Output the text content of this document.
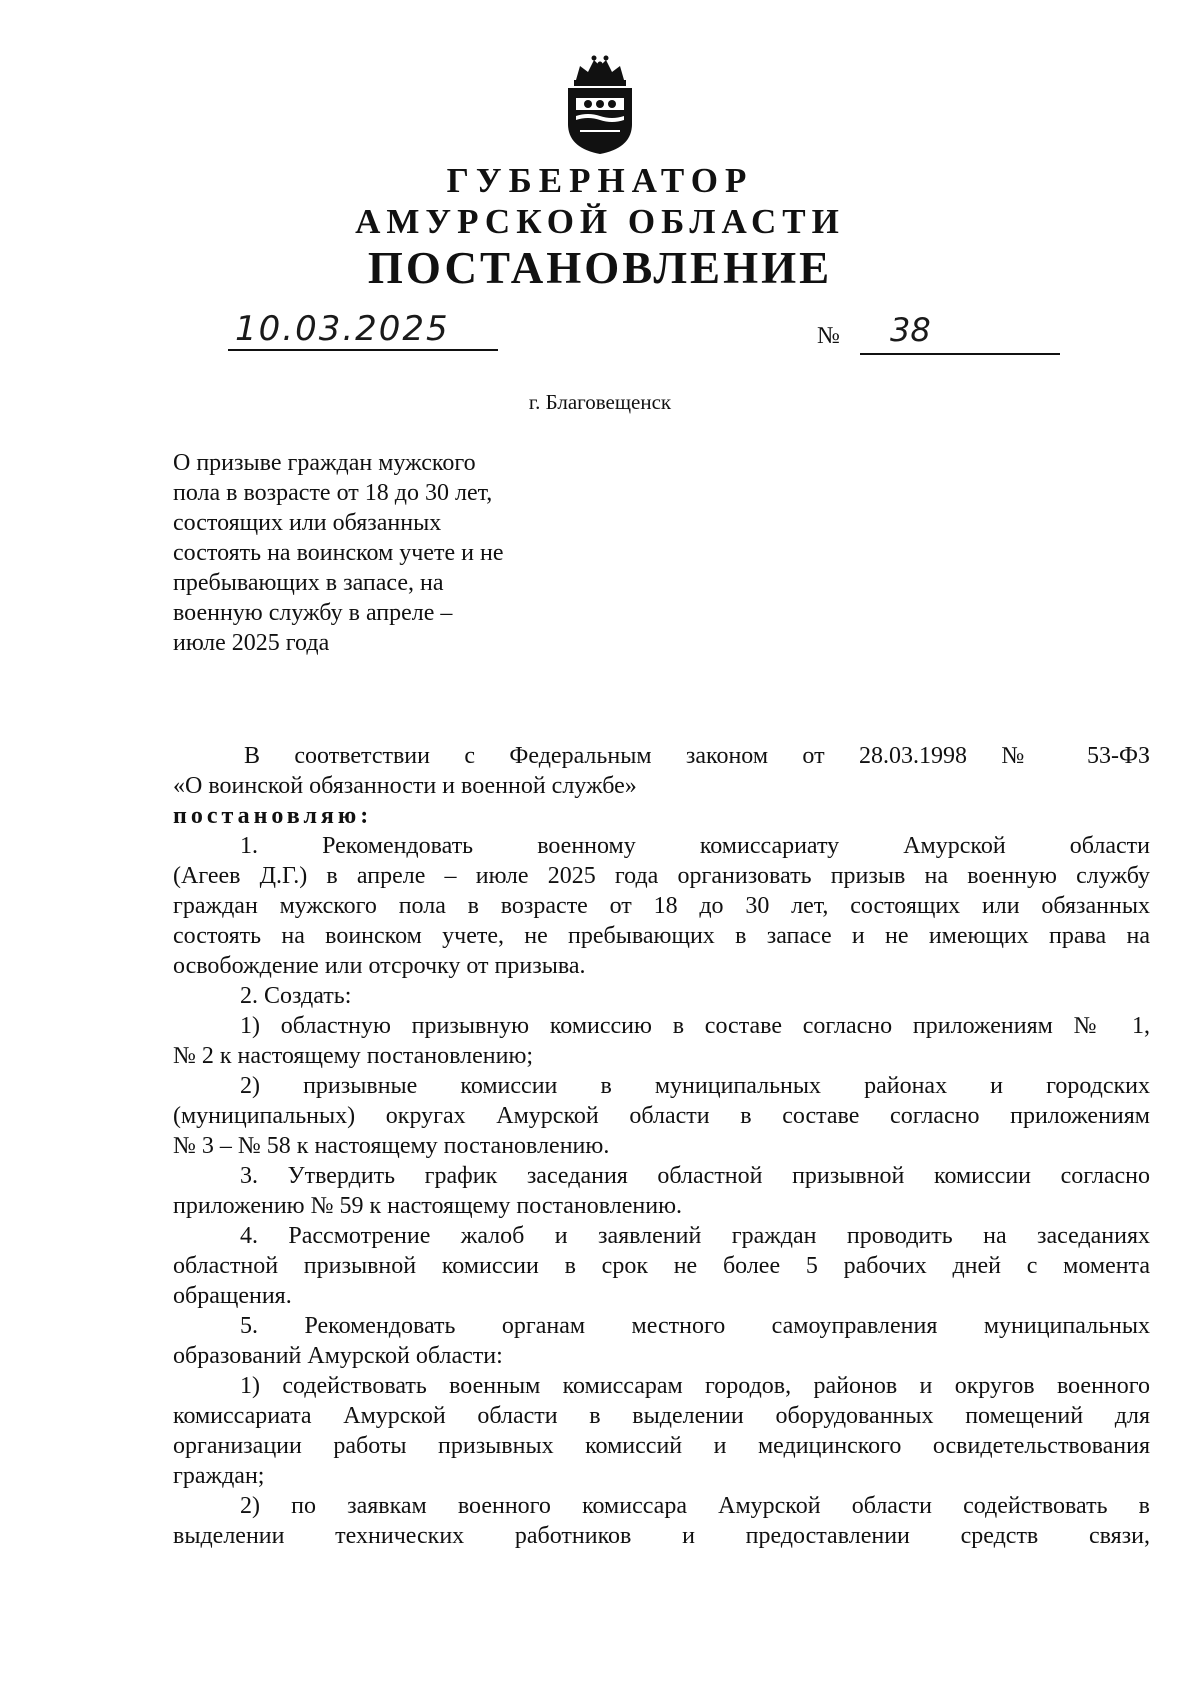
ГУБЕРНАТОР
АМУРСКОЙ ОБЛАСТИ
ПОСТАНОВЛЕНИЕ
10.03.2025	№ 38
г. Благовещенск
О призыве граждан мужского
пола в возрасте от 18 до 30 лет,
состоящих или обязанных
состоять на воинском учете и не
пребывающих в запасе, на
военную службу в апреле –
июле 2025 года
В соответствии с Федеральным законом от 28.03.1998 № 53-ФЗ
«О воинской обязанности и военной службе»
постановляю:
1. Рекомендовать военному комиссариату Амурской области
(Агеев Д.Г.) в апреле – июле 2025 года организовать призыв на военную службу
граждан мужского пола в возрасте от 18 до 30 лет, состоящих или обязанных
состоять на воинском учете, не пребывающих в запасе и не имеющих права на
освобождение или отсрочку от призыва.
2. Создать:
1) областную призывную комиссию в составе согласно приложениям № 1,
№ 2 к настоящему постановлению;
2) призывные комиссии в муниципальных районах и городских
(муниципальных) округах Амурской области в составе согласно приложениям
№ 3 – № 58 к настоящему постановлению.
3. Утвердить график заседания областной призывной комиссии согласно
приложению № 59 к настоящему постановлению.
4. Рассмотрение жалоб и заявлений граждан проводить на заседаниях
областной призывной комиссии в срок не более 5 рабочих дней с момента
обращения.
5. Рекомендовать органам местного самоуправления муниципальных
образований Амурской области:
1) содействовать военным комиссарам городов, районов и округов военного
комиссариата Амурской области в выделении оборудованных помещений для
организации работы призывных комиссий и медицинского освидетельствования
граждан;
2) по заявкам военного комиссара Амурской области содействовать в
выделении технических работников и предоставлении средств связи,
